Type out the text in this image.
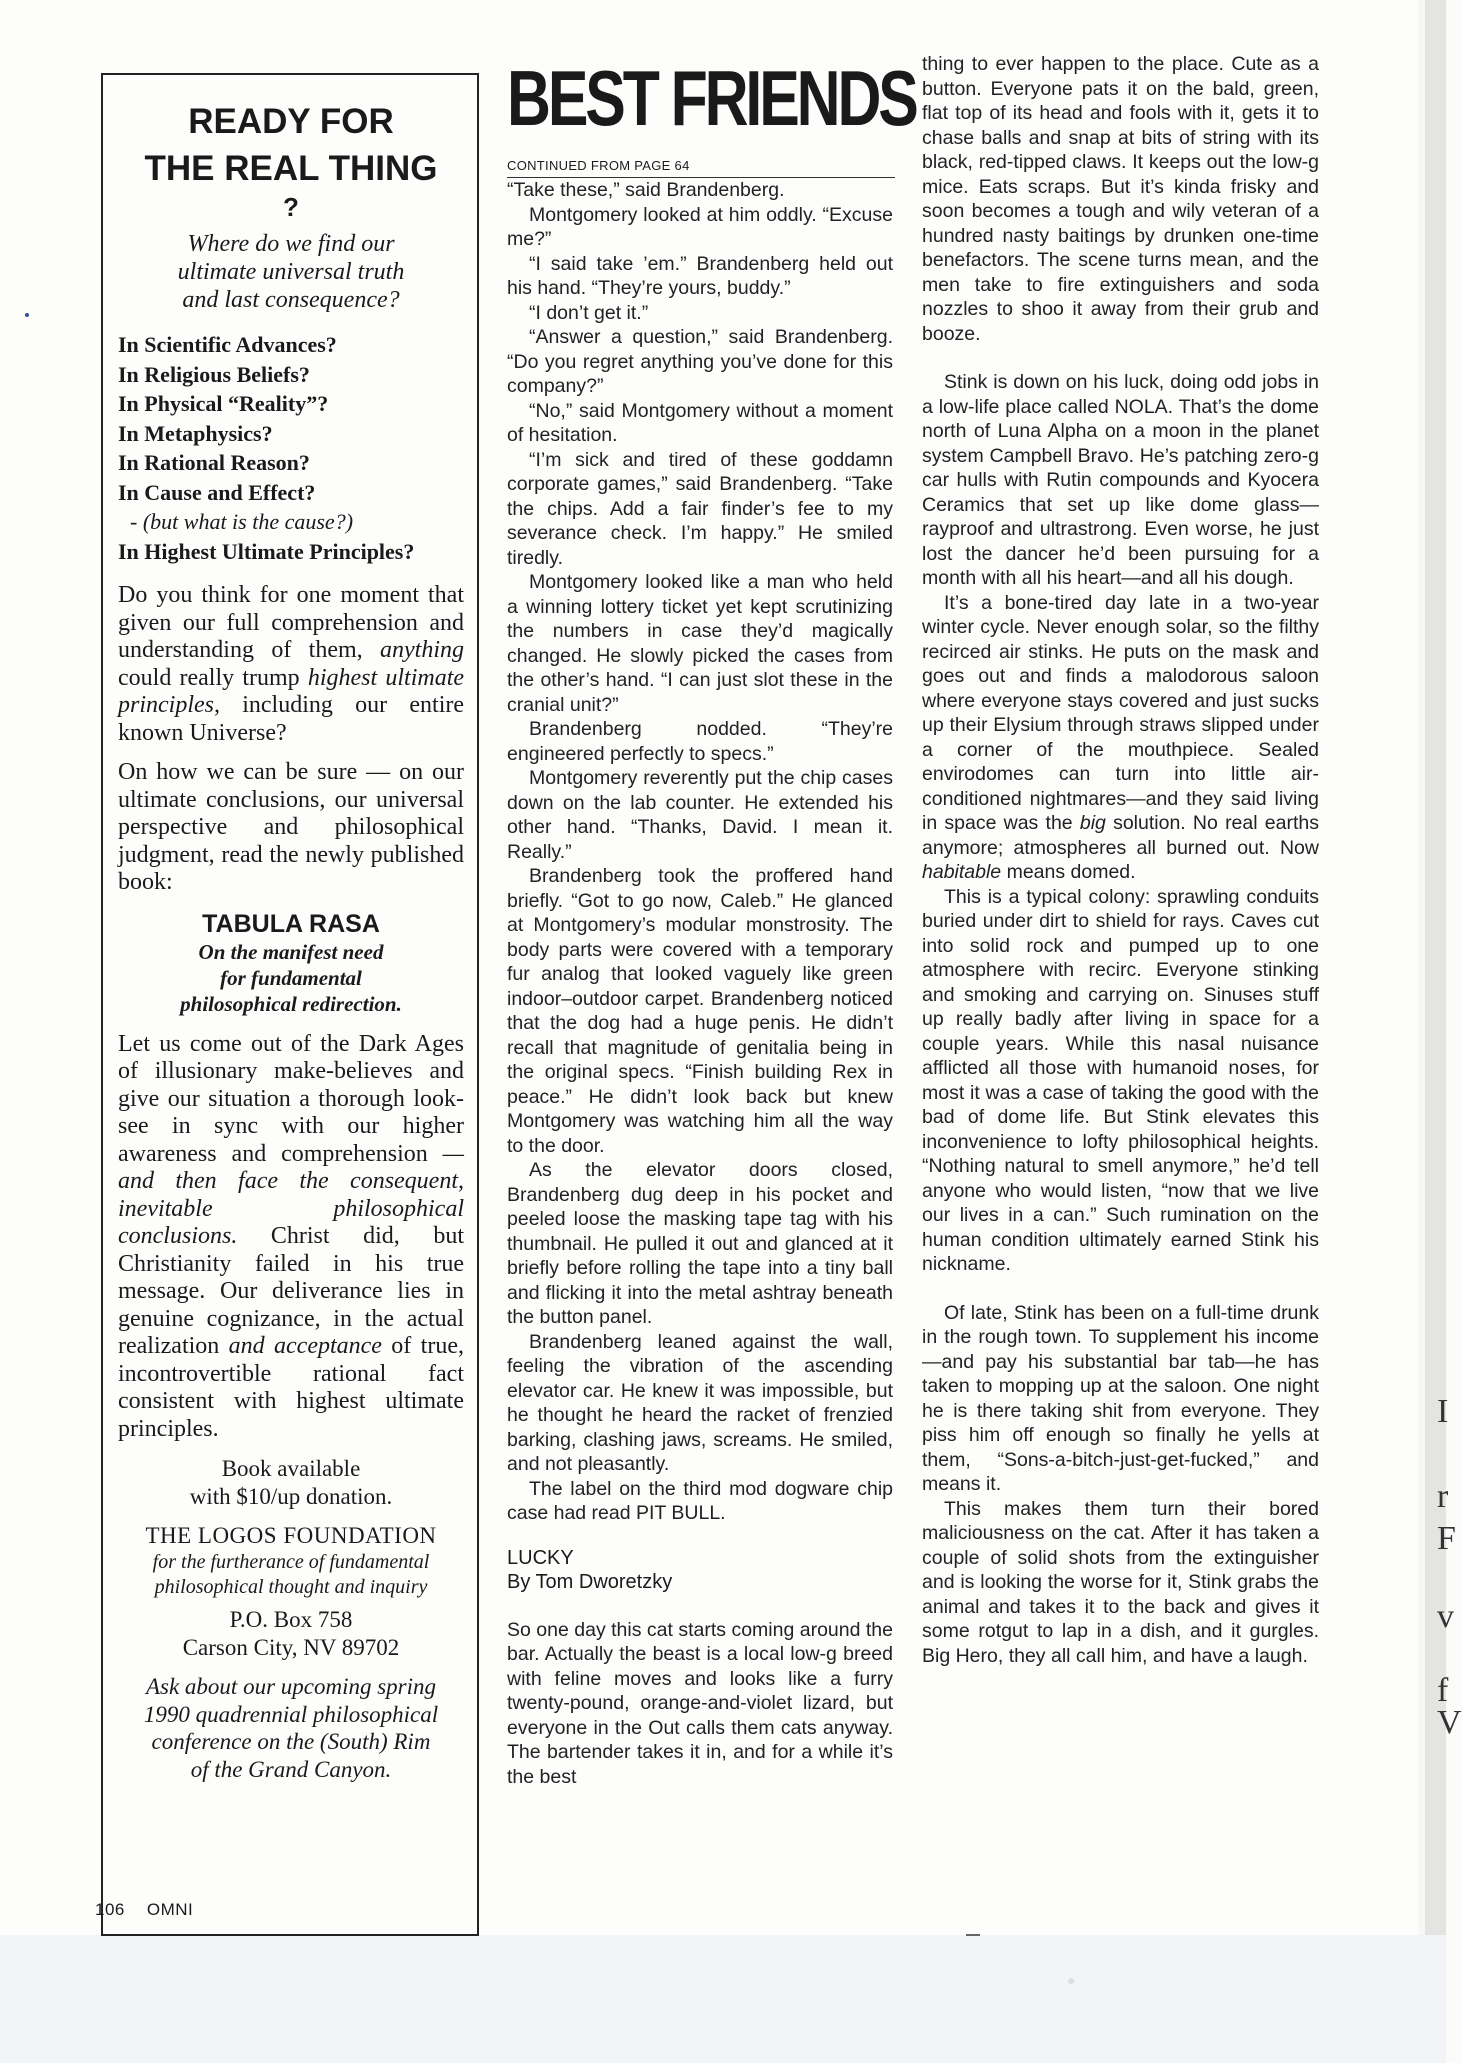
READY FOR
THE REAL THING
?
Where do we find our
ultimate universal truth
and last consequence?
In Scientific Advances?
In Religious Beliefs?
In Physical “Reality”?
In Metaphysics?
In Rational Reason?
In Cause and Effect?
- (but what is the cause?)
In Highest Ultimate Principles?
Do you think for one moment that given our full comprehension and understanding of them, anything could really trump highest ultimate principles, including our entire known Universe?
On how we can be sure — on our ultimate conclusions, our universal perspective and philosophical judgment, read the newly published book:
TABULA RASA
On the manifest need
for fundamental
philosophical redirection.
Let us come out of the Dark Ages of illusionary make-believes and give our situation a thorough look-see in sync with our higher awareness and comprehension — and then face the consequent, inevitable philosophical conclusions. Christ did, but Christianity failed in his true message. Our deliverance lies in genuine cognizance, in the actual realization and acceptance of true, incontrovertible rational fact consistent with highest ultimate principles.
Book available
with $10/up donation.
THE LOGOS FOUNDATION
for the furtherance of fundamental
philosophical thought and inquiry
P.O. Box 758
Carson City, NV 89702
Ask about our upcoming spring
1990 quadrennial philosophical
conference on the (South) Rim
of the Grand Canyon.
BEST FRIENDS
CONTINUED FROM PAGE 64

“Take these,” said Brandenberg.

Montgomery looked at him oddly. “Excuse me?”

“I said take ’em.” Brandenberg held out his hand. “They’re yours, buddy.”

“I don’t get it.”

“Answer a question,” said Brandenberg. “Do you regret anything you’ve done for this company?”

“No,” said Montgomery without a moment of hesitation.

“I’m sick and tired of these goddamn corporate games,” said Brandenberg. “Take the chips. Add a fair finder’s fee to my severance check. I’m happy.” He smiled tiredly.

Montgomery looked like a man who held a winning lottery ticket yet kept scrutinizing the numbers in case they’d magically changed. He slowly picked the cases from the other’s hand. “I can just slot these in the cranial unit?”

Brandenberg nodded. “They’re engineered perfectly to specs.”

Montgomery reverently put the chip cases down on the lab counter. He extended his other hand. “Thanks, David. I mean it. Really.”

Brandenberg took the proffered hand briefly. “Got to go now, Caleb.” He glanced at Montgomery’s modular monstrosity. The body parts were covered with a temporary fur analog that looked vaguely like green indoor–outdoor carpet. Brandenberg noticed that the dog had a huge penis. He didn’t recall that magnitude of genitalia being in the original specs. “Finish building Rex in peace.” He didn’t look back but knew Montgomery was watching him all the way to the door.

As the elevator doors closed, Brandenberg dug deep in his pocket and peeled loose the masking tape tag with his thumbnail. He pulled it out and glanced at it briefly before rolling the tape into a tiny ball and flicking it into the metal ashtray beneath the button panel.

Brandenberg leaned against the wall, feeling the vibration of the ascending elevator car. He knew it was impossible, but he thought he heard the racket of frenzied barking, clashing jaws, screams. He smiled, and not pleasantly.

The label on the third mod dogware chip case had read PIT BULL.

LUCKY
By Tom Dworetzky

So one day this cat starts coming around the bar. Actually the beast is a local low-g breed with feline moves and looks like a furry twenty-pound, orange-and-violet lizard, but everyone in the Out calls them cats anyway. The bartender takes it in, and for a while it’s the best

thing to ever happen to the place. Cute as a button. Everyone pats it on the bald, green, flat top of its head and fools with it, gets it to chase balls and snap at bits of string with its black, red-tipped claws. It keeps out the low-g mice. Eats scraps. But it’s kinda frisky and soon becomes a tough and wily veteran of a hundred nasty baitings by drunken one-time benefactors. The scene turns mean, and the men take to fire extinguishers and soda nozzles to shoo it away from their grub and booze.

Stink is down on his luck, doing odd jobs in a low-life place called NOLA. That’s the dome north of Luna Alpha on a moon in the planet system Campbell Bravo. He’s patching zero-g car hulls with Rutin compounds and Kyocera Ceramics that set up like dome glass—rayproof and ultrastrong. Even worse, he just lost the dancer he’d been pursuing for a month with all his heart—and all his dough.

It’s a bone-tired day late in a two-year winter cycle. Never enough solar, so the filthy recirced air stinks. He puts on the mask and goes out and finds a malodorous saloon where everyone stays covered and just sucks up their Elysium through straws slipped under a corner of the mouthpiece. Sealed envirodomes can turn into little air-conditioned nightmares—and they said living in space was the big solution. No real earths anymore; atmospheres all burned out. Now habitable means domed.

This is a typical colony: sprawling conduits buried under dirt to shield for rays. Caves cut into solid rock and pumped up to one atmosphere with recirc. Everyone stinking and smoking and carrying on. Sinuses stuff up really badly after living in space for a couple years. While this nasal nuisance afflicted all those with humanoid noses, for most it was a case of taking the good with the bad of dome life. But Stink elevates this inconvenience to lofty philosophical heights. “Nothing natural to smell anymore,” he’d tell anyone who would listen, “now that we live our lives in a can.” Such rumination on the human condition ultimately earned Stink his nickname.

Of late, Stink has been on a full-time drunk in the rough town. To supplement his income—and pay his substantial bar tab—he has taken to mopping up at the saloon. One night he is there taking shit from everyone. They piss him off enough so finally he yells at them, “Sons-a-bitch-just-get-fucked,” and means it.

This makes them turn their bored maliciousness on the cat. After it has taken a couple of solid shots from the extinguisher and is looking the worse for it, Stink grabs the animal and takes it to the back and gives it some rotgut to lap in a dish, and it gurgles. Big Hero, they all call him, and have a laugh.

I
r
F
v
f
V
106 OMNI
